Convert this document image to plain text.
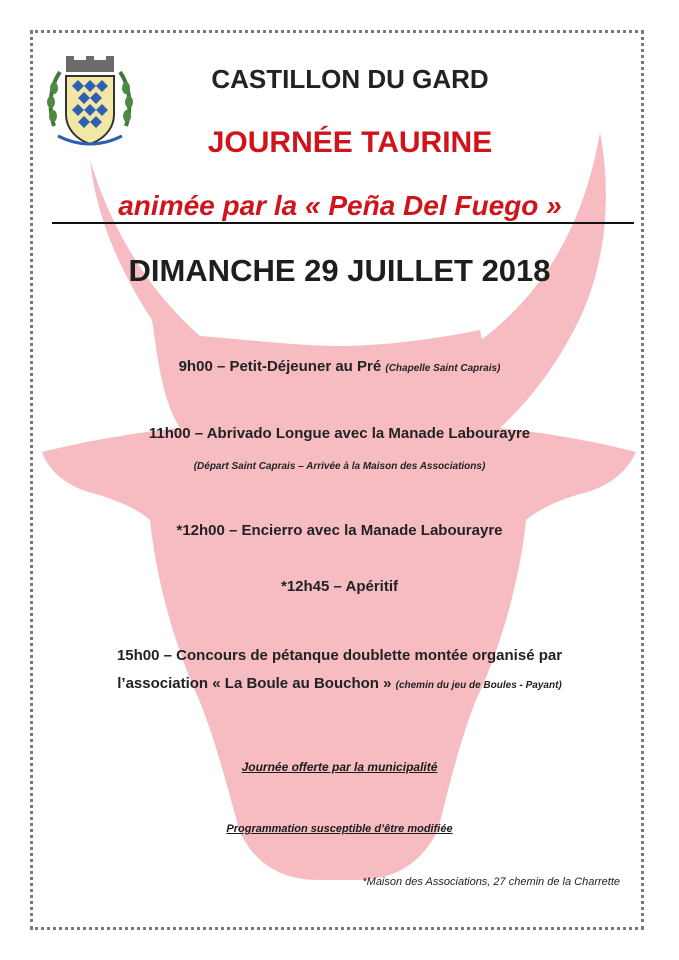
CASTILLON DU GARD
JOURNÉE TAURINE
animée par la « Peña Del Fuego »
DIMANCHE 29 JUILLET 2018
9h00 – Petit-Déjeuner au Pré (Chapelle Saint Caprais)
11h00 – Abrivado Longue avec la Manade Labourayre
(Départ Saint Caprais – Arrivée à la Maison des Associations)
*12h00 – Encierro avec la Manade Labourayre
*12h45 – Apéritif
15h00 – Concours de pétanque doublette montée organisé par
l’association « La Boule au Bouchon » (chemin du jeu de Boules - Payant)
Journée offerte par la municipalité
Programmation susceptible d’être modifiée
*Maison des Associations, 27 chemin de la Charrette
